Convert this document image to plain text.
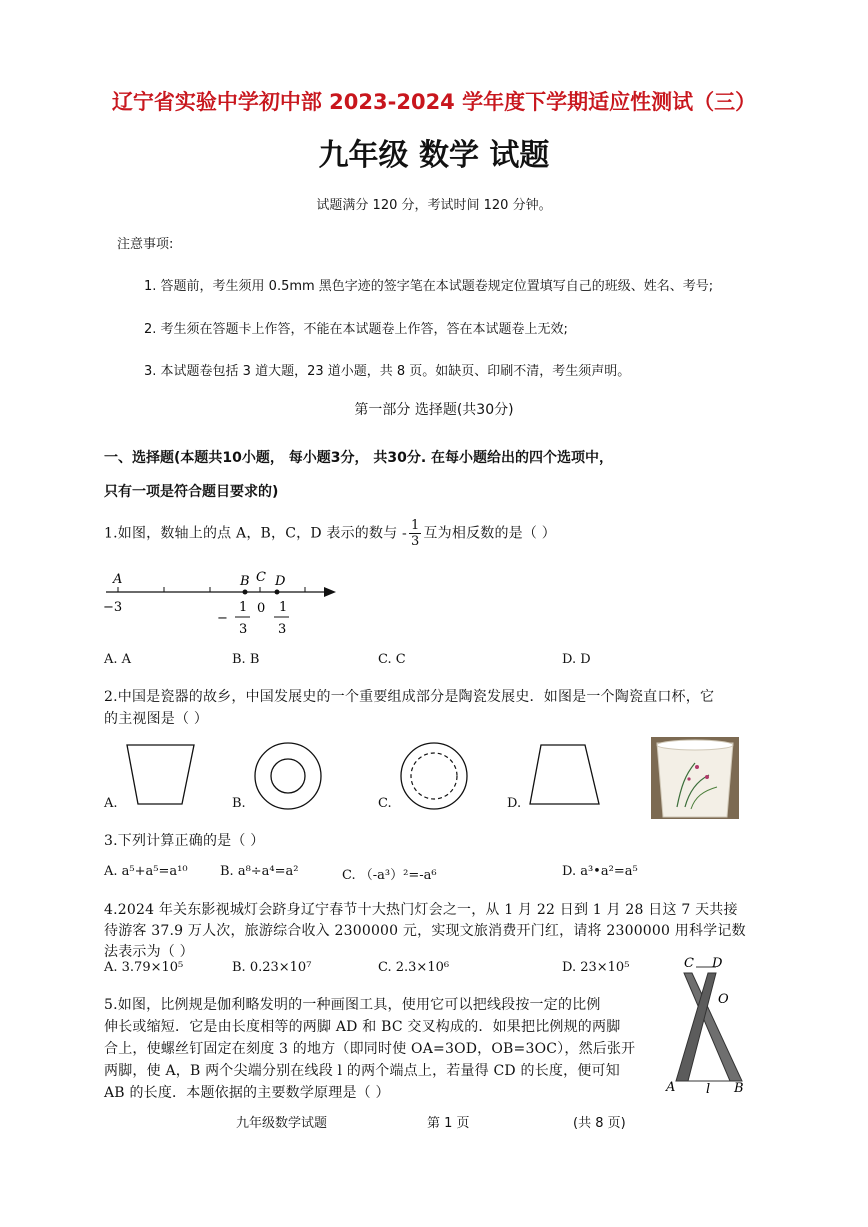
辽宁省实验中学初中部 2023-2024 学年度下学期适应性测试（三）
九年级 数学 试题
试题满分 120 分，考试时间 120 分钟。
注意事项:
1. 答题前，考生须用 0.5mm 黑色字迹的签字笔在本试题卷规定位置填写自己的班级、姓名、考号;
2. 考生须在答题卡上作答，不能在本试题卷上作答，答在本试题卷上无效;
3. 本试题卷包括 3 道大题，23 道小题，共 8 页。如缺页、印刷不清，考生须声明。
第一部分 选择题(共30分)
一、选择题(本题共10小题， 每小题3分， 共30分. 在每小题给出的四个选项中，
只有一项是符合题目要求的)
1.如图，数轴上的点 A，B，C，D 表示的数与 - $\frac{1}{3}$ 互为相反数的是（ ）
A	B C D
−3
−
1
3
0 1
3
A. A	B. B	C. C	D. D
2.中国是瓷器的故乡，中国发展史的一个重要组成部分是陶瓷发展史．如图是一个陶瓷直口杯，它
的主视图是（ ）
A.	B.	C.	D.
3.下列计算正确的是（ ）
A. a⁵+a⁵=a¹⁰ B. a⁸÷a⁴=a²	C. （-a³）²=-a⁶	D. a³•a²=a⁵
4.2024 年关东影视城灯会跻身辽宁春节十大热门灯会之一，从 1 月 22 日到 1 月 28 日这 7 天共接
待游客 37.9 万人次，旅游综合收入 2300000 元，实现文旅消费开门红，请将 2300000 用科学记数
法表示为（ ）
A. 3.79×10⁵	B. 0.23×10⁷	C. 2.3×10⁶	D. 23×10⁵
5.如图，比例规是伽利略发明的一种画图工具，使用它可以把线段按一定的比例
伸长或缩短．它是由长度相等的两脚 AD 和 BC 交叉构成的．如果把比例规的两脚
合上，使螺丝钉固定在刻度 3 的地方（即同时使 OA=3OD，OB=3OC），然后张开
两脚，使 A，B 两个尖端分别在线段 l 的两个端点上，若量得 CD 的长度，便可知
AB 的长度．本题依据的主要数学原理是（ ）
C D
O
A l B
九年级数学试题	第 1 页	(共 8 页)
